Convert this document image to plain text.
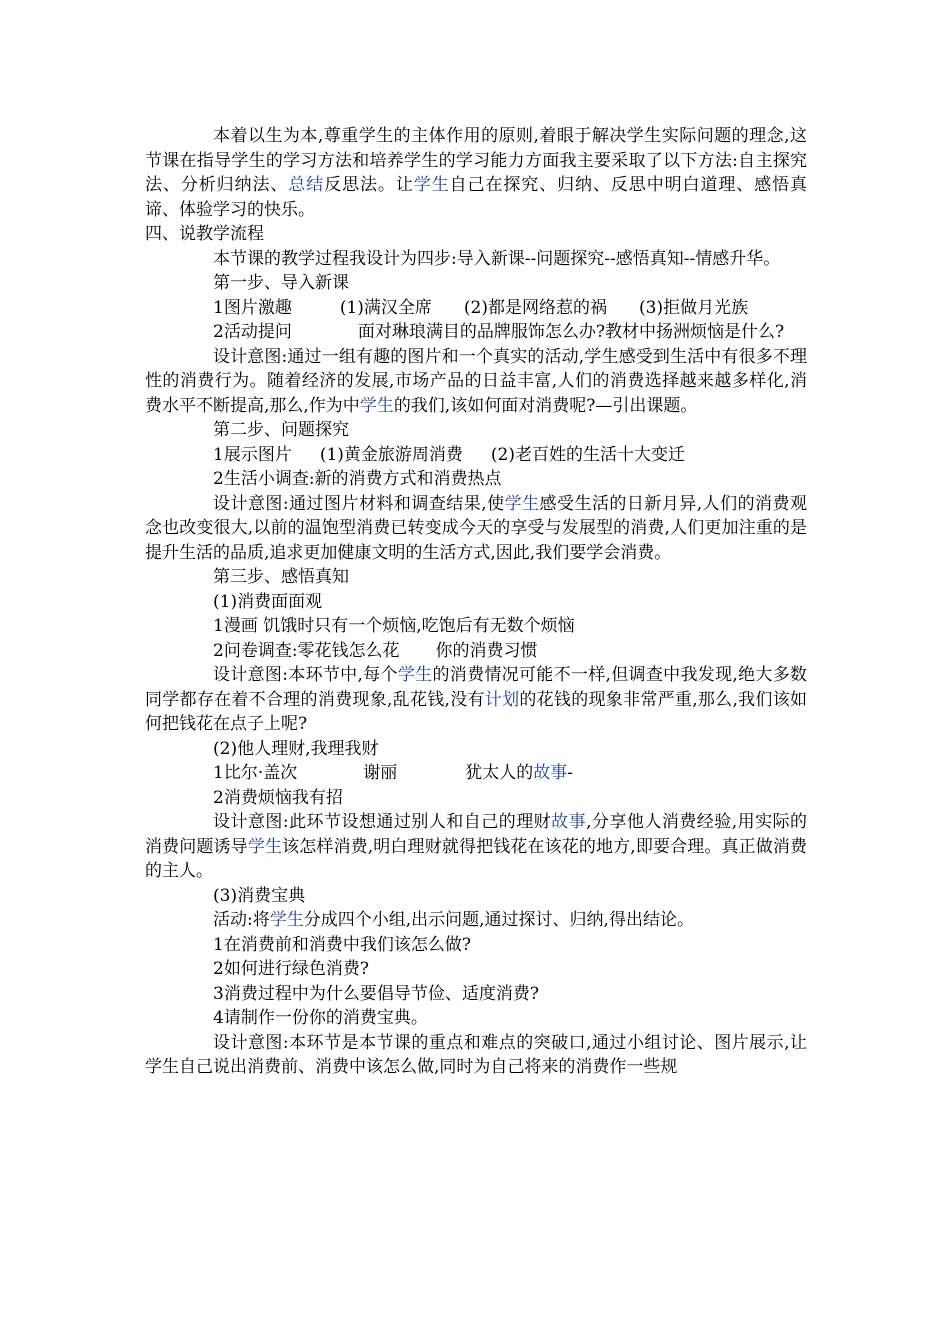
本着以生为本,尊重学生的主体作用的原则,着眼于解决学生实际问题的理念,这节课在指导学生的学习方法和培养学生的学习能力方面我主要采取了以下方法:自主探究法、分析归纳法、总结反思法。让学生自己在探究、归纳、反思中明白道理、感悟真谛、体验学习的快乐。

四、说教学流程

本节课的教学过程我设计为四步:导入新课--问题探究--感悟真知--情感升华。

第一步、导入新课

1图片激趣	(1)满汉全席 (2)都是网络惹的祸 (3)拒做月光族

2活动提问	面对琳琅满目的品牌服饰怎么办?教材中扬洲烦恼是什么?

设计意图:通过一组有趣的图片和一个真实的活动,学生感受到生活中有很多不理性的消费行为。随着经济的发展,市场产品的日益丰富,人们的消费选择越来越多样化,消费水平不断提高,那么,作为中学生的我们,该如何面对消费呢?—引出课题。

第二步、问题探究

1展示图片 (1)黄金旅游周消费 (2)老百姓的生活十大变迁

2生活小调查:新的消费方式和消费热点

设计意图:通过图片材料和调查结果,使学生感受生活的日新月异,人们的消费观念也改变很大,以前的温饱型消费已转变成今天的享受与发展型的消费,人们更加注重的是提升生活的品质,追求更加健康文明的生活方式,因此,我们要学会消费。

第三步、感悟真知

(1)消费面面观

1漫画 饥饿时只有一个烦恼,吃饱后有无数个烦恼

2问卷调查:零花钱怎么花 你的消费习惯

设计意图:本环节中,每个学生的消费情况可能不一样,但调查中我发现,绝大多数同学都存在着不合理的消费现象,乱花钱,没有计划的花钱的现象非常严重,那么,我们该如何把钱花在点子上呢?

(2)他人理财,我理我财

1比尔·盖次	谢丽	犹太人的故事-

2消费烦恼我有招

设计意图:此环节设想通过别人和自己的理财故事,分享他人消费经验,用实际的消费问题诱导学生该怎样消费,明白理财就得把钱花在该花的地方,即要合理。真正做消费的主人。

(3)消费宝典

活动:将学生分成四个小组,出示问题,通过探讨、归纳,得出结论。

1在消费前和消费中我们该怎么做?

2如何进行绿色消费?

3消费过程中为什么要倡导节俭、适度消费?

4请制作一份你的消费宝典。

设计意图:本环节是本节课的重点和难点的突破口,通过小组讨论、图片展示,让学生自己说出消费前、消费中该怎么做,同时为自己将来的消费作一些规
